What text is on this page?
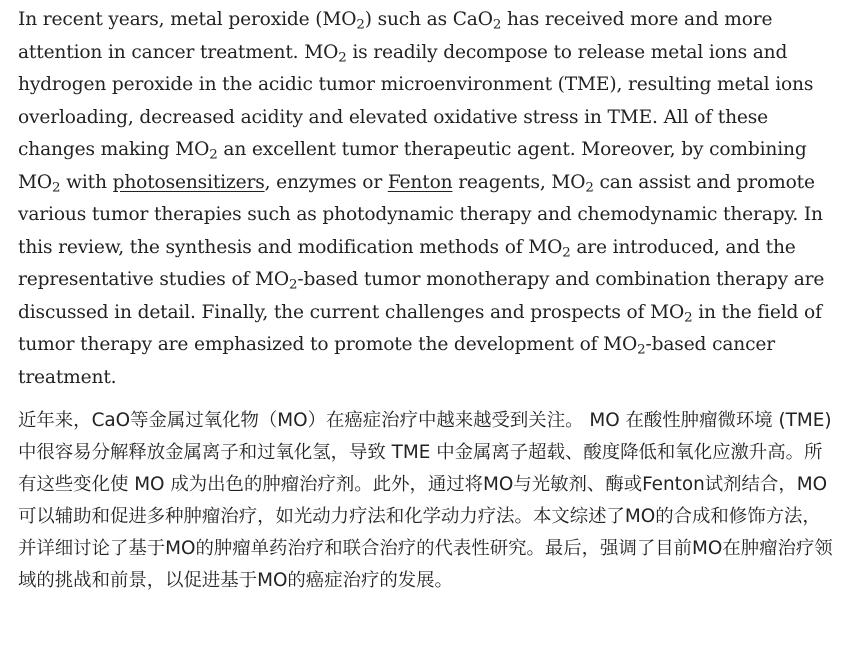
In recent years, metal peroxide $(MO_2)$ such as CaO$_2$ has received more and more attention in cancer treatment. $MO_2$ is readily decompose to release metal ions and hydrogen peroxide in the acidic tumor microenvironment (TME), resulting metal ions overloading, decreased acidity and elevated oxidative stress in TME. All of these changes making $MO_2$ an excellent tumor therapeutic agent. Moreover, by combining $MO_2$ with photosensitizers, enzymes or Fenton reagents, $MO_2$ can assist and promote various tumor therapies such as photodynamic therapy and chemodynamic therapy. In this review, the synthesis and modification methods of $MO_2$ are introduced, and the representative studies of $MO_2$-based tumor monotherapy and combination therapy are discussed in detail. Finally, the current challenges and prospects of $MO_2$ in the field of tumor therapy are emphasized to promote the development of $MO_2$-based cancer treatment.

近年来，CaO等金属过氧化物（MO）在癌症治疗中越来越受到关注。 MO 在酸性肿瘤微环境 (TME) 中很容易分解释放金属离子和过氧化氢，导致 TME 中金属离子超载、酸度降低和氧化应激升高。所有这些变化使 MO 成为出色的肿瘤治疗剂。此外，通过将MO与光敏剂、酶或Fenton试剂结合，MO可以辅助和促进多种肿瘤治疗，如光动力疗法和化学动力疗法。本文综述了MO的合成和修饰方法，并详细讨论了基于MO的肿瘤单药治疗和联合治疗的代表性研究。最后，强调了目前MO在肿瘤治疗领域的挑战和前景，以促进基于MO的癌症治疗的发展。
